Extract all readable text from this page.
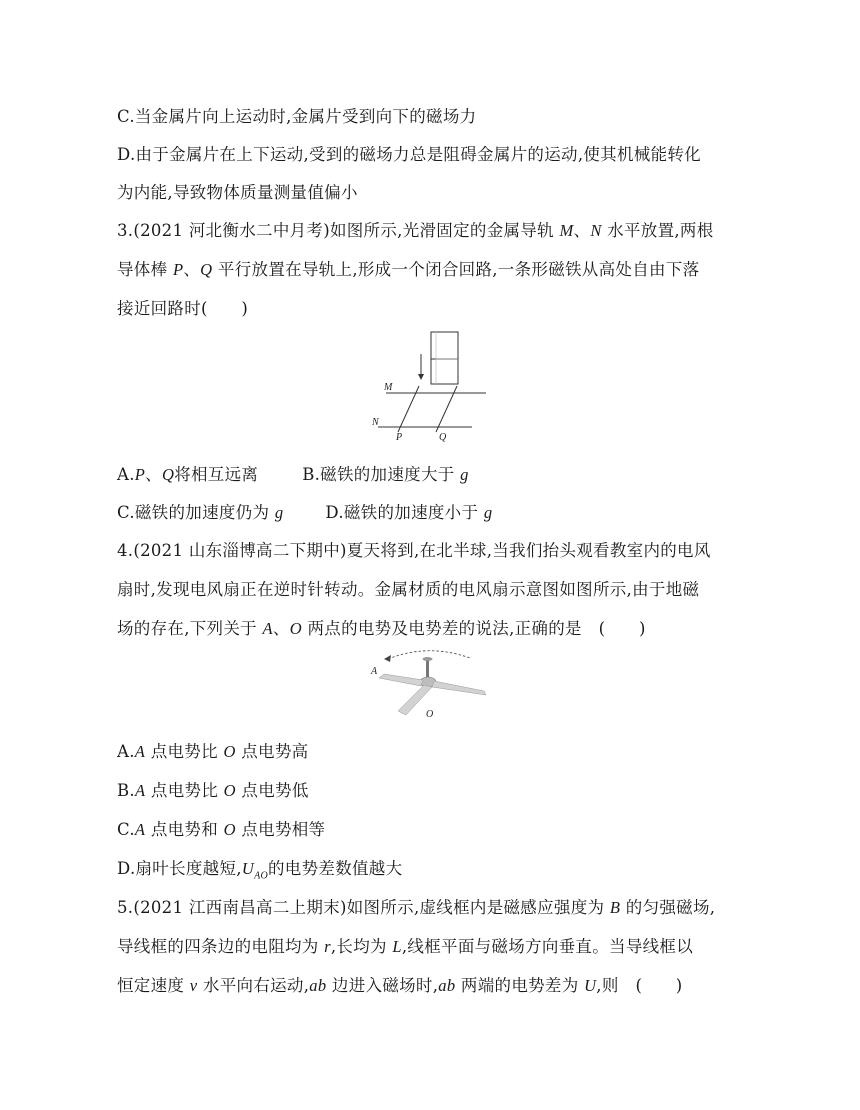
C.当金属片向上运动时,金属片受到向下的磁场力
D.由于金属片在上下运动,受到的磁场力总是阻碍金属片的运动,使其机械能转化
为内能,导致物体质量测量值偏小
3.(2021 河北衡水二中月考)如图所示,光滑固定的金属导轨 M、N 水平放置,两根
导体棒 P、Q 平行放置在导轨上,形成一个闭合回路,一条形磁铁从高处自由下落
接近回路时(　　)
M
N
P	Q
A.P、Q将相互远离	B.磁铁的加速度大于 g
C.磁铁的加速度仍为 g	D.磁铁的加速度小于 g
4.(2021 山东淄博高二下期中)夏天将到,在北半球,当我们抬头观看教室内的电风
扇时,发现电风扇正在逆时针转动。金属材质的电风扇示意图如图所示,由于地磁
场的存在,下列关于 A、O 两点的电势及电势差的说法,正确的是　(　　)
A
O
A.A 点电势比 O 点电势高
B.A 点电势比 O 点电势低
C.A 点电势和 O 点电势相等
D.扇叶长度越短$,U_{AO}$的电势差数值越大
5.(2021 江西南昌高二上期末)如图所示,虚线框内是磁感应强度为 B 的匀强磁场,
导线框的四条边的电阻均为 r,长均为 L,线框平面与磁场方向垂直。当导线框以
恒定速度 v 水平向右运动,ab 边进入磁场时,ab 两端的电势差为 U,则　(　　)
